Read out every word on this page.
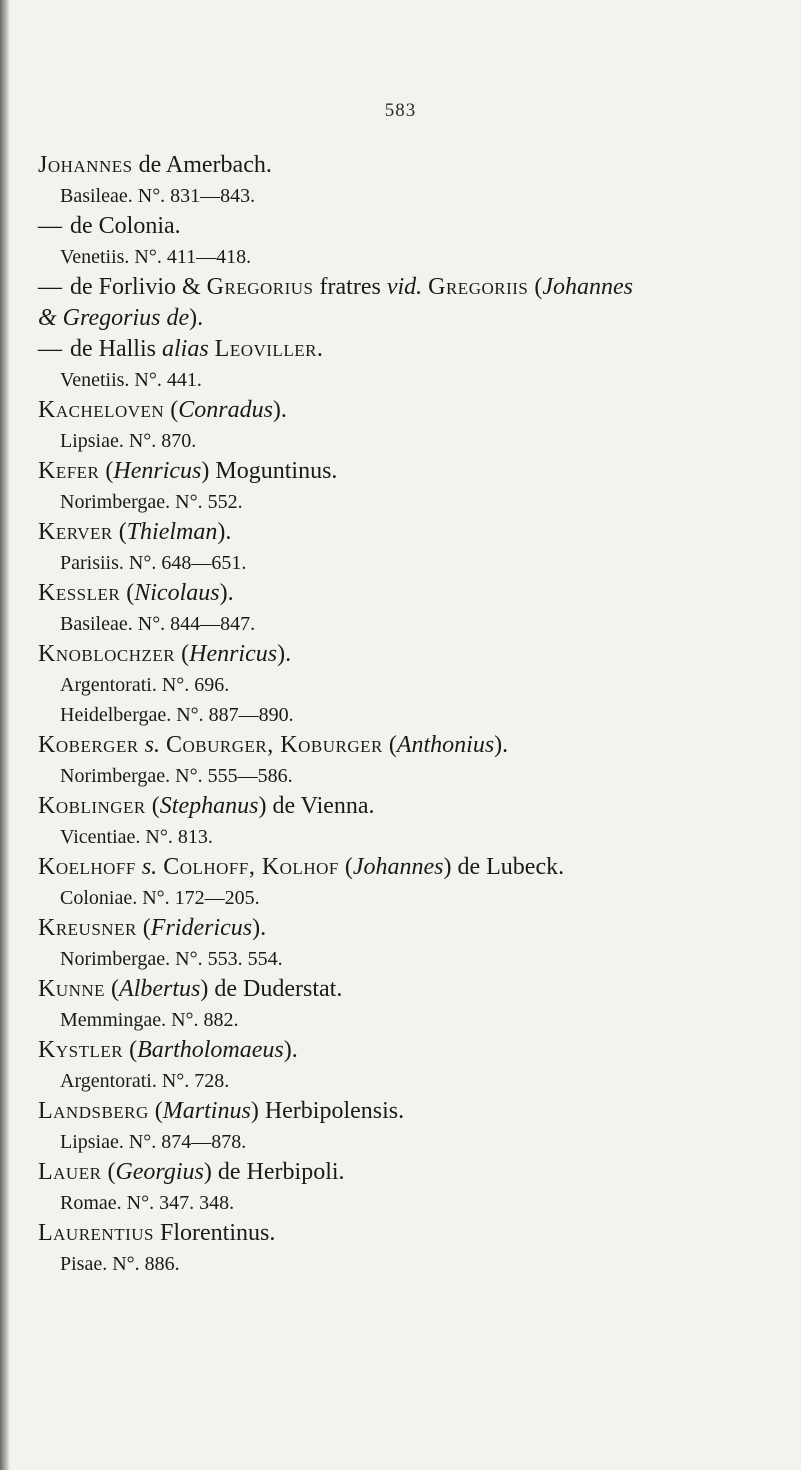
583
Johannes de Amerbach.
Basileae. N°. 831—843.
— de Colonia.
Venetiis. N°. 411—418.
— de Forlivio & Gregorius fratres vid. Gregoriis (Johannes
& Gregorius de).
— de Hallis alias Leoviller.
Venetiis. N°. 441.
Kacheloven (Conradus).
Lipsiae. N°. 870.
Kefer (Henricus) Moguntinus.
Norimbergae. N°. 552.
Kerver (Thielman).
Parisiis. N°. 648—651.
Kessler (Nicolaus).
Basileae. N°. 844—847.
Knoblochzer (Henricus).
Argentorati. N°. 696.
Heidelbergae. N°. 887—890.
Koberger s. Coburger, Koburger (Anthonius).
Norimbergae. N°. 555—586.
Koblinger (Stephanus) de Vienna.
Vicentiae. N°. 813.
Koelhoff s. Colhoff, Kolhof (Johannes) de Lubeck.
Coloniae. N°. 172—205.
Kreusner (Fridericus).
Norimbergae. N°. 553. 554.
Kunne (Albertus) de Duderstat.
Memmingae. N°. 882.
Kystler (Bartholomaeus).
Argentorati. N°. 728.
Landsberg (Martinus) Herbipolensis.
Lipsiae. N°. 874—878.
Lauer (Georgius) de Herbipoli.
Romae. N°. 347. 348.
Laurentius Florentinus.
Pisae. N°. 886.
